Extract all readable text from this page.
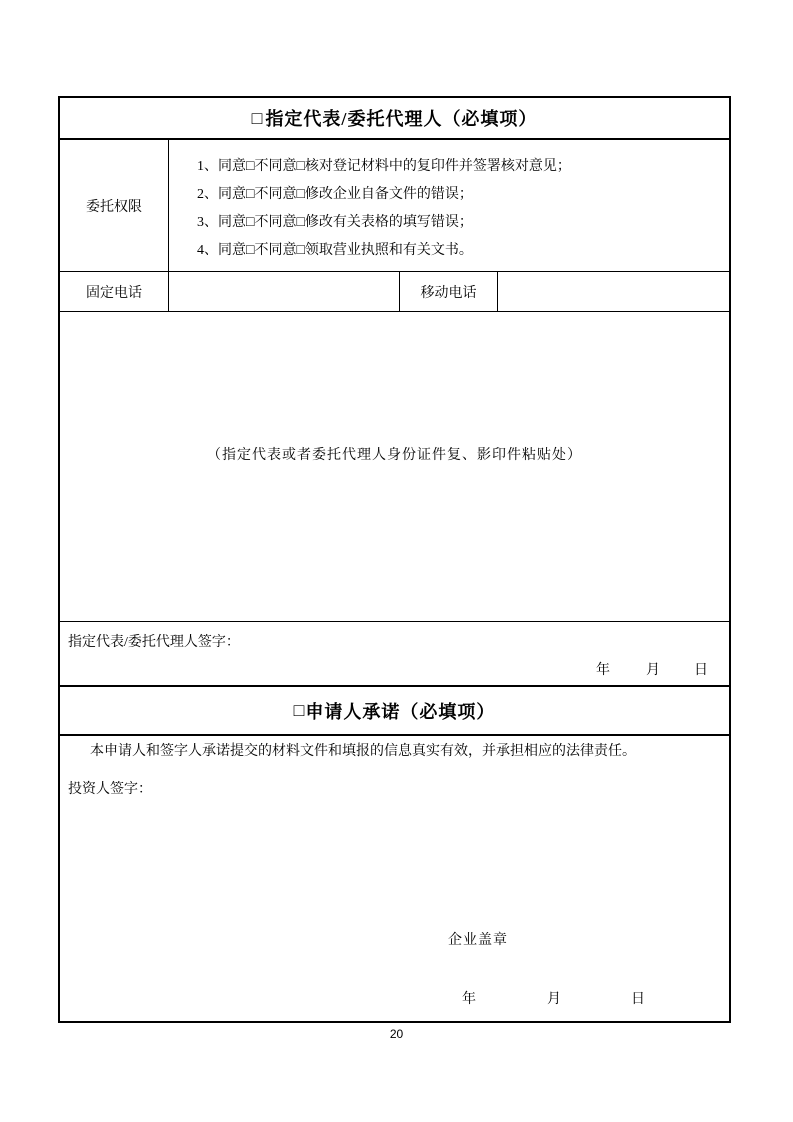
□ 指定代表/委托代理人（必填项）
委托权限
1、同意□不同意□核对登记材料中的复印件并签署核对意见；
2、同意□不同意□修改企业自备文件的错误；
3、同意□不同意□修改有关表格的填写错误；
4、同意□不同意□领取营业执照和有关文书。
固定电话	移动电话
（指定代表或者委托代理人身份证件复、影印件粘贴处）
指定代表/委托代理人签字：
年	月 日
□ 申请人承诺（必填项）
本申请人和签字人承诺提交的材料文件和填报的信息真实有效，并承担相应的法律责任。
投资人签字：
企业盖章
年	月	日
20
